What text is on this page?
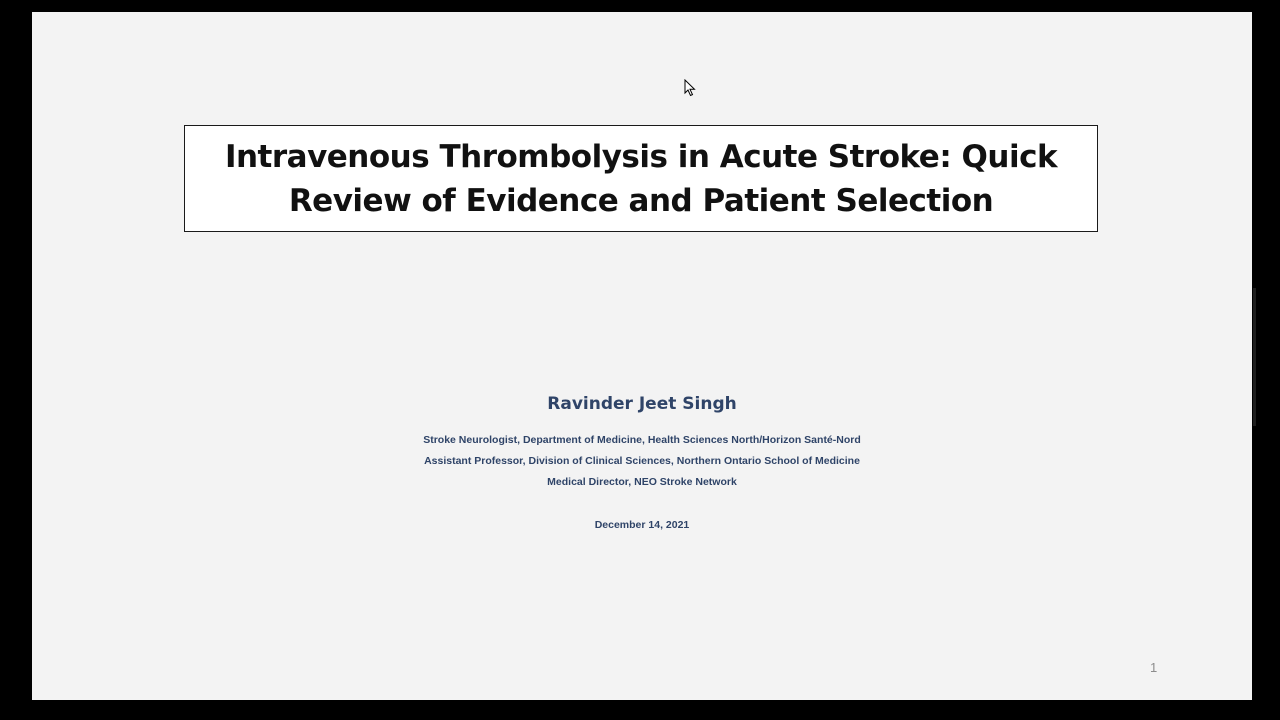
Intravenous Thrombolysis in Acute Stroke: Quick
Review of Evidence and Patient Selection
Ravinder Jeet Singh
Stroke Neurologist, Department of Medicine, Health Sciences North/Horizon Santé-Nord
Assistant Professor, Division of Clinical Sciences, Northern Ontario School of Medicine
Medical Director, NEO Stroke Network
December 14, 2021
1
